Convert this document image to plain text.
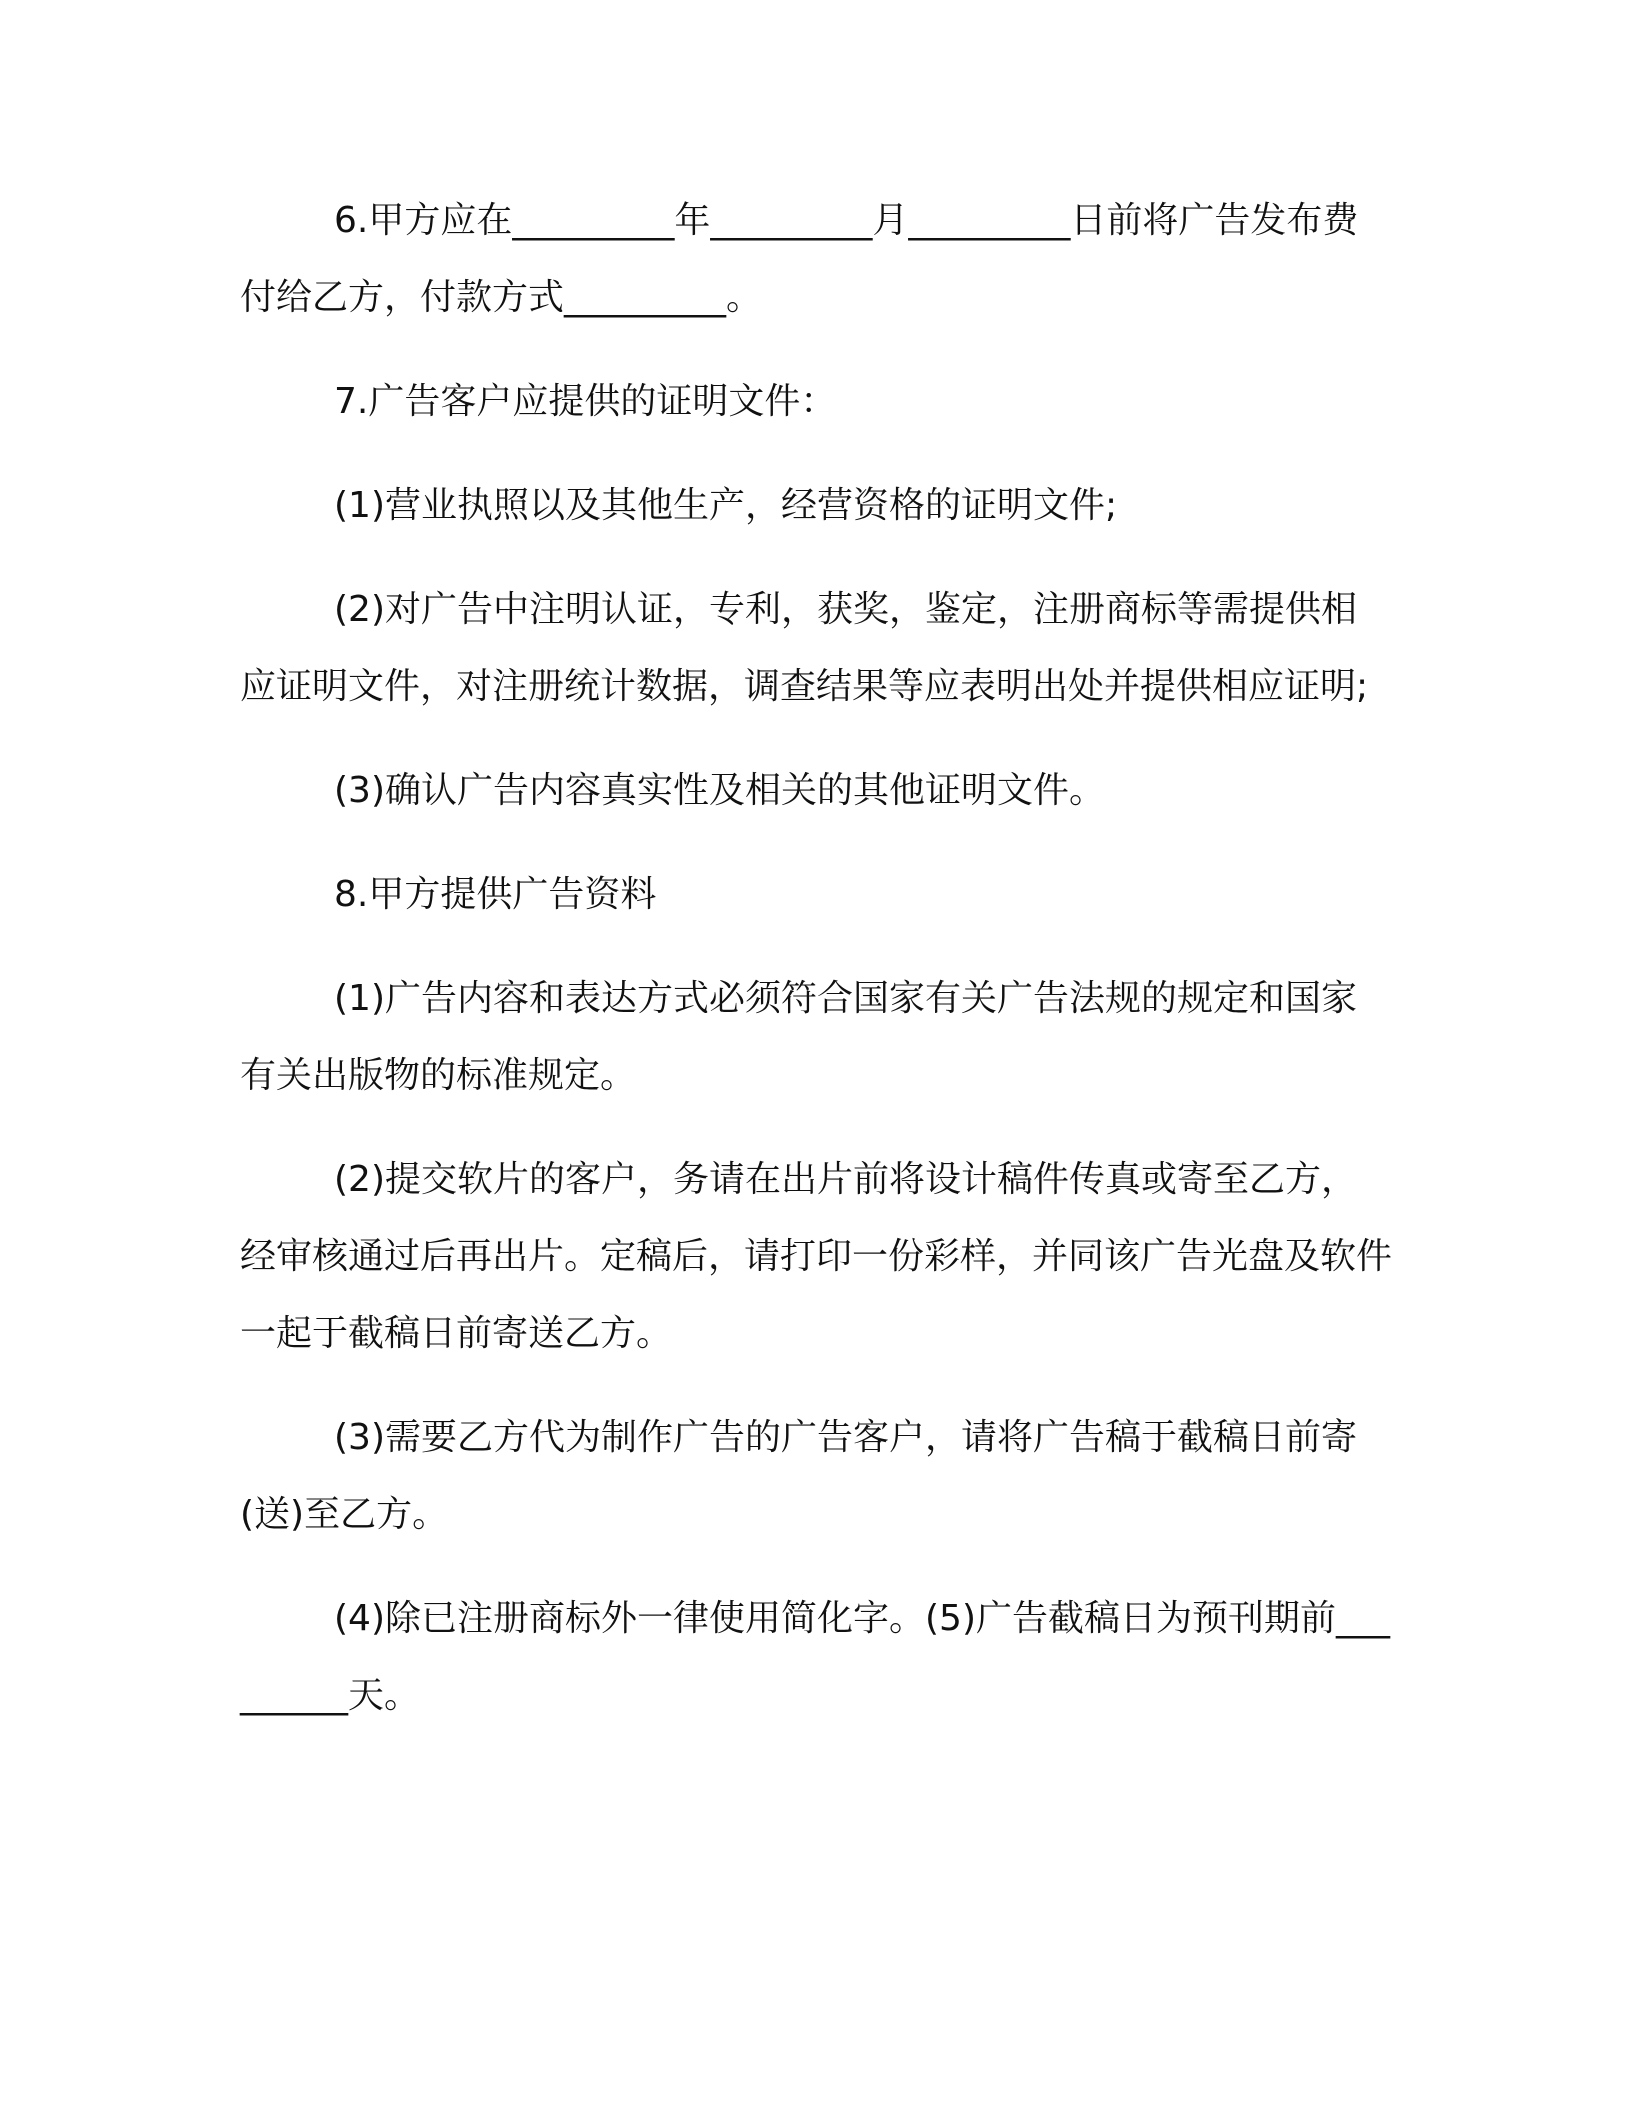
6.甲方应在_________年_________月_________日前将广告发布费付给乙方，付款方式_________。

7.广告客户应提供的证明文件：

(1)营业执照以及其他生产，经营资格的证明文件;

(2)对广告中注明认证，专利，获奖，鉴定，注册商标等需提供相应证明文件，对注册统计数据，调查结果等应表明出处并提供相应证明;

(3)确认广告内容真实性及相关的其他证明文件。

8.甲方提供广告资料

(1)广告内容和表达方式必须符合国家有关广告法规的规定和国家有关出版物的标准规定。

(2)提交软片的客户，务请在出片前将设计稿件传真或寄至乙方，经审核通过后再出片。定稿后，请打印一份彩样，并同该广告光盘及软件一起于截稿日前寄送乙方。

(3)需要乙方代为制作广告的广告客户，请将广告稿于截稿日前寄(送)至乙方。

(4)除已注册商标外一律使用简化字。(5)广告截稿日为预刊期前_________天。
